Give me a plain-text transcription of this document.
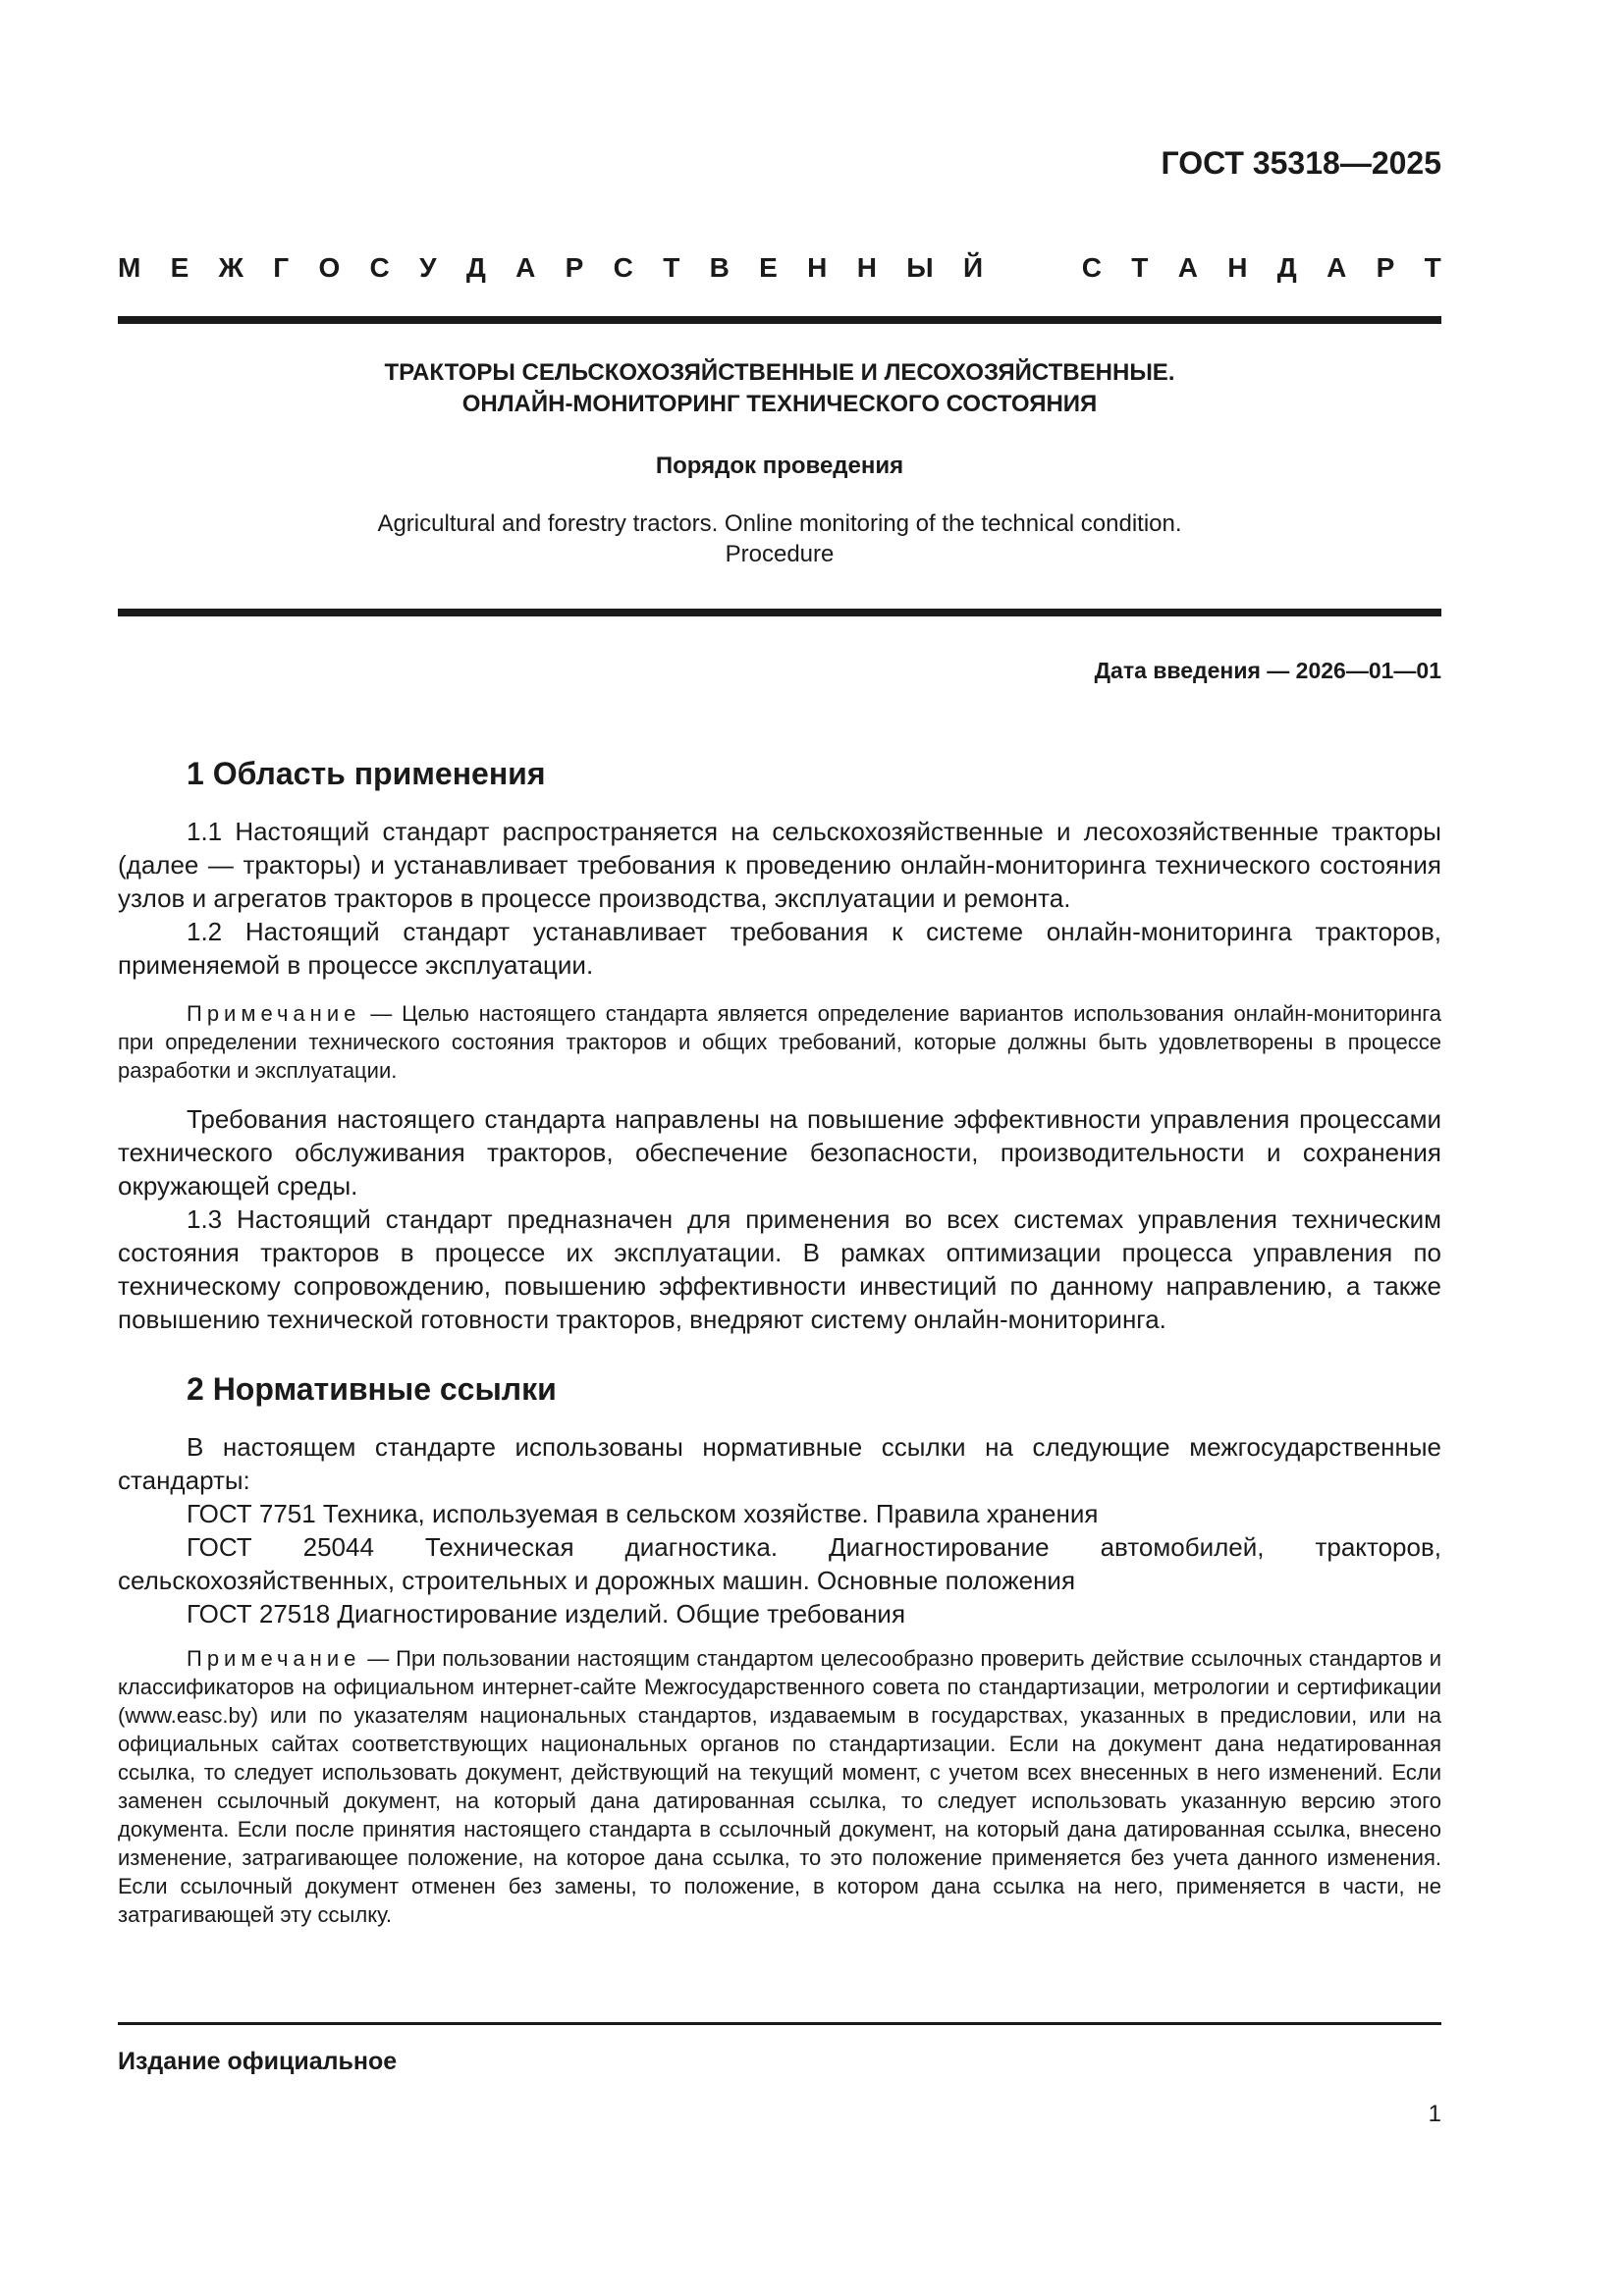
ГОСТ 35318—2025
М Е Ж Г О С У Д А Р С Т В Е Н Н Ы Й	С Т А Н Д А Р Т
ТРАКТОРЫ СЕЛЬСКОХОЗЯЙСТВЕННЫЕ И ЛЕСОХОЗЯЙСТВЕННЫЕ.
ОНЛАЙН-МОНИТОРИНГ ТЕХНИЧЕСКОГО СОСТОЯНИЯ
Порядок проведения
Agricultural and forestry tractors. Online monitoring of the technical condition.
Procedure
Дата введения — 2026—01—01
1 Область применения

1.1 Настоящий стандарт распространяется на сельскохозяйственные и лесохозяйственные тракторы (далее — тракторы) и устанавливает требования к проведению онлайн-мониторинга технического состояния узлов и агрегатов тракторов в процессе производства, эксплуатации и ремонта.

1.2 Настоящий стандарт устанавливает требования к системе онлайн-мониторинга тракторов, применяемой в процессе эксплуатации.

Примечание — Целью настоящего стандарта является определение вариантов использования онлайн-мониторинга при определении технического состояния тракторов и общих требований, которые должны быть удовлетворены в процессе разработки и эксплуатации.

Требования настоящего стандарта направлены на повышение эффективности управления процессами технического обслуживания тракторов, обеспечение безопасности, производительности и сохранения окружающей среды.

1.3 Настоящий стандарт предназначен для применения во всех системах управления техническим состояния тракторов в процессе их эксплуатации. В рамках оптимизации процесса управления по техническому сопровождению, повышению эффективности инвестиций по данному направлению, а также повышению технической готовности тракторов, внедряют систему онлайн-мониторинга.

2 Нормативные ссылки

В настоящем стандарте использованы нормативные ссылки на следующие межгосударственные стандарты:

ГОСТ 7751 Техника, используемая в сельском хозяйстве. Правила хранения

ГОСТ 25044 Техническая диагностика. Диагностирование автомобилей, тракторов, сельскохозяйственных, строительных и дорожных машин. Основные положения

ГОСТ 27518 Диагностирование изделий. Общие требования

Примечание — При пользовании настоящим стандартом целесообразно проверить действие ссылочных стандартов и классификаторов на официальном интернет-сайте Межгосударственного совета по стандартизации, метрологии и сертификации (www.easc.by) или по указателям национальных стандартов, издаваемым в государствах, указанных в предисловии, или на официальных сайтах соответствующих национальных органов по стандартизации. Если на документ дана недатированная ссылка, то следует использовать документ, действующий на текущий момент, с учетом всех внесенных в него изменений. Если заменен ссылочный документ, на который дана датированная ссылка, то следует использовать указанную версию этого документа. Если после принятия настоящего стандарта в ссылочный документ, на который дана датированная ссылка, внесено изменение, затрагивающее положение, на которое дана ссылка, то это положение применяется без учета данного изменения. Если ссылочный документ отменен без замены, то положение, в котором дана ссылка на него, применяется в части, не затрагивающей эту ссылку.

Издание официальное
1
